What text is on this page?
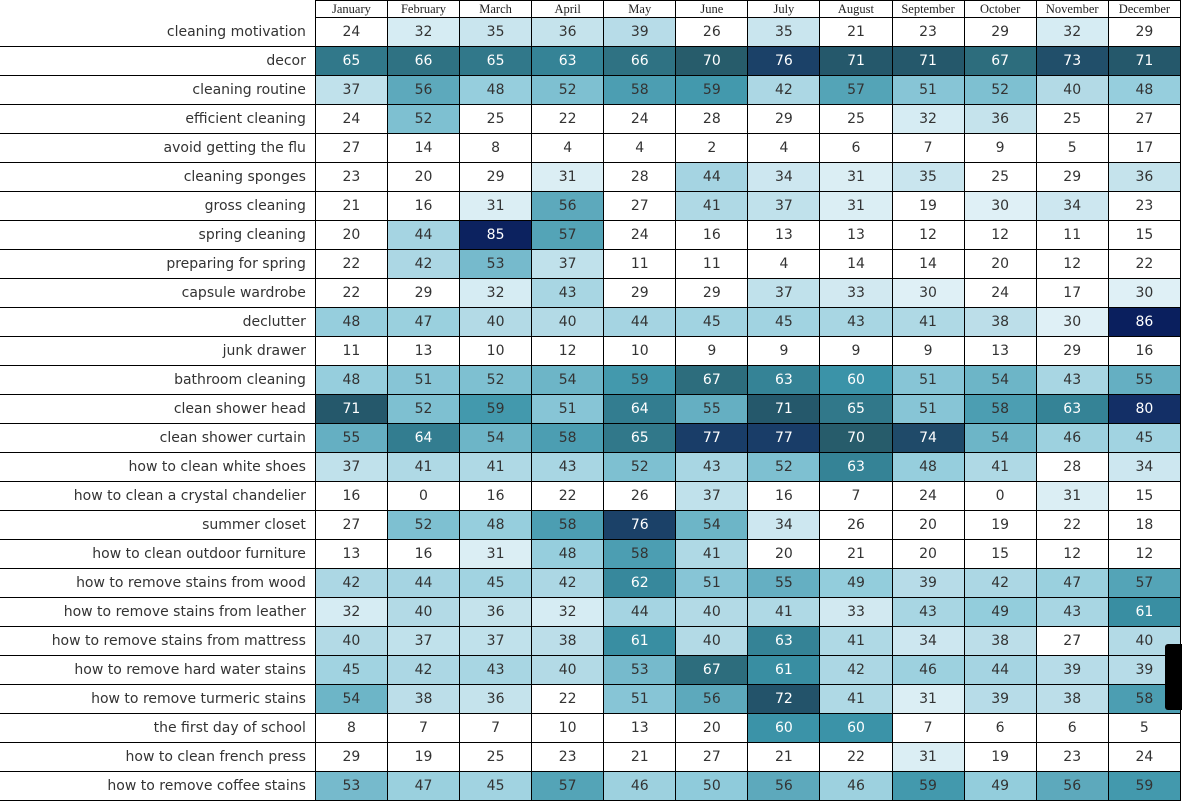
	January	February	March	April	May	June	July	August	September	October	November	December
cleaning motivation	24	32	35	36	39	26	35	21	23	29	32	29
decor	65	66	65	63	66	70	76	71	71	67	73	71
cleaning routine	37	56	48	52	58	59	42	57	51	52	40	48
efficient cleaning	24	52	25	22	24	28	29	25	32	36	25	27
avoid getting the flu	27	14	8	4	4	2	4	6	7	9	5	17
cleaning sponges	23	20	29	31	28	44	34	31	35	25	29	36
gross cleaning	21	16	31	56	27	41	37	31	19	30	34	23
spring cleaning	20	44	85	57	24	16	13	13	12	12	11	15
preparing for spring	22	42	53	37	11	11	4	14	14	20	12	22
capsule wardrobe	22	29	32	43	29	29	37	33	30	24	17	30
declutter	48	47	40	40	44	45	45	43	41	38	30	86
junk drawer	11	13	10	12	10	9	9	9	9	13	29	16
bathroom cleaning	48	51	52	54	59	67	63	60	51	54	43	55
clean shower head	71	52	59	51	64	55	71	65	51	58	63	80
clean shower curtain	55	64	54	58	65	77	77	70	74	54	46	45
how to clean white shoes	37	41	41	43	52	43	52	63	48	41	28	34
how to clean a crystal chandelier	16	0	16	22	26	37	16	7	24	0	31	15
summer closet	27	52	48	58	76	54	34	26	20	19	22	18
how to clean outdoor furniture	13	16	31	48	58	41	20	21	20	15	12	12
how to remove stains from wood	42	44	45	42	62	51	55	49	39	42	47	57
how to remove stains from leather	32	40	36	32	44	40	41	33	43	49	43	61
how to remove stains from mattress	40	37	37	38	61	40	63	41	34	38	27	40
how to remove hard water stains	45	42	43	40	53	67	61	42	46	44	39	39
how to remove turmeric stains	54	38	36	22	51	56	72	41	31	39	38	58
the first day of school	8	7	7	10	13	20	60	60	7	6	6	5
how to clean french press	29	19	25	23	21	27	21	22	31	19	23	24
how to remove coffee stains	53	47	45	57	46	50	56	46	59	49	56	59
